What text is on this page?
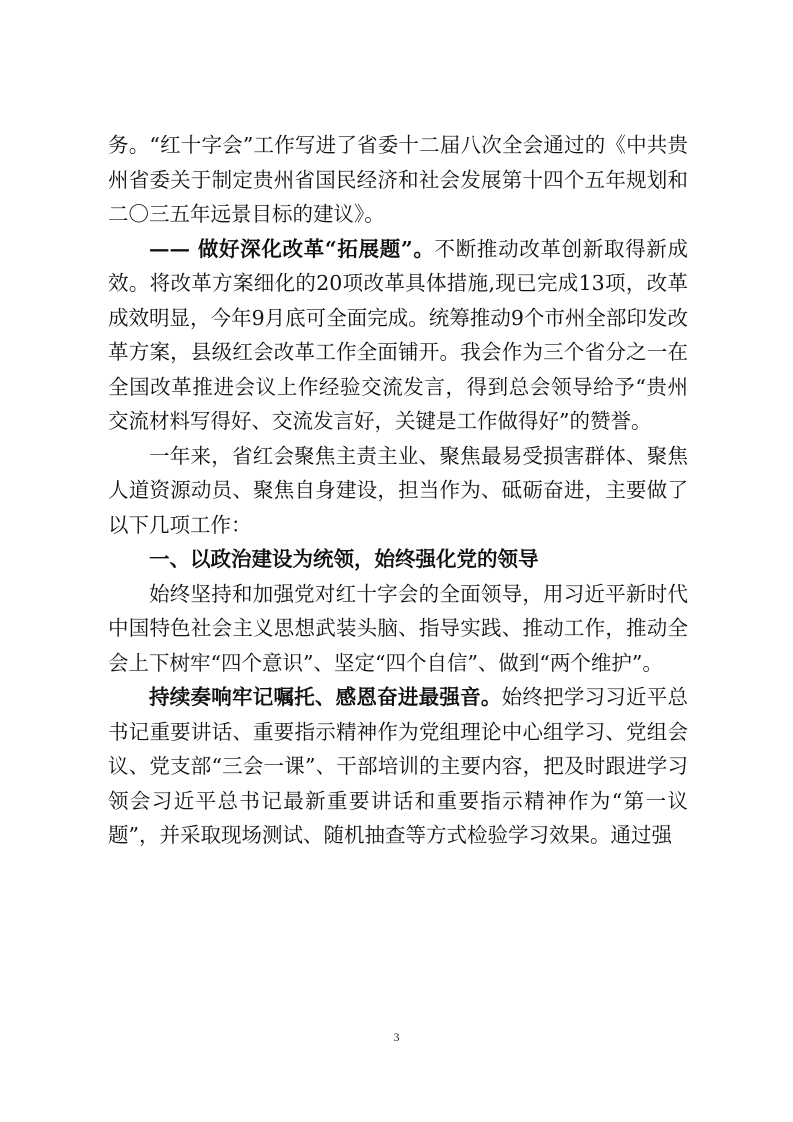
务。“红十字会”工作写进了省委十二届八次全会通过的《中共贵州省委关于制定贵州省国民经济和社会发展第十四个五年规划和二〇三五年远景目标的建议》。

—— 做好深化改革“拓展题”。不断推动改革创新取得新成效。将改革方案细化的20项改革具体措施,现已完成13项，改革成效明显，今年9月底可全面完成。统筹推动9个市州全部印发改革方案，县级红会改革工作全面铺开。我会作为三个省分之一在全国改革推进会议上作经验交流发言，得到总会领导给予“贵州交流材料写得好、交流发言好，关键是工作做得好”的赞誉。

一年来，省红会聚焦主责主业、聚焦最易受损害群体、聚焦人道资源动员、聚焦自身建设，担当作为、砥砺奋进，主要做了以下几项工作：

一、以政治建设为统领，始终强化党的领导

始终坚持和加强党对红十字会的全面领导，用习近平新时代中国特色社会主义思想武装头脑、指导实践、推动工作，推动全会上下树牢“四个意识”、坚定“四个自信”、做到“两个维护”。

持续奏响牢记嘱托、感恩奋进最强音。始终把学习习近平总书记重要讲话、重要指示精神作为党组理论中心组学习、党组会议、党支部“三会一课”、干部培训的主要内容，把及时跟进学习领会习近平总书记最新重要讲话和重要指示精神作为“第一议题”，并采取现场测试、随机抽查等方式检验学习效果。通过强

3
